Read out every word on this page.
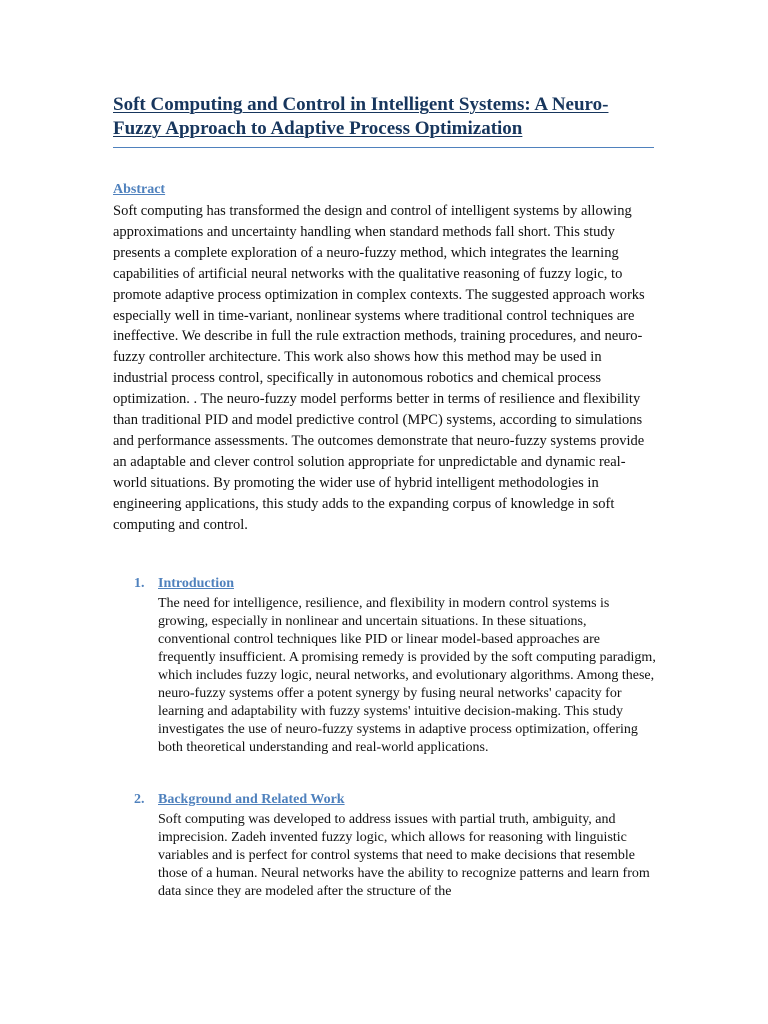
Soft Computing and Control in Intelligent Systems: A Neuro-Fuzzy Approach to Adaptive Process Optimization
Abstract

Soft computing has transformed the design and control of intelligent systems by allowing approximations and uncertainty handling when standard methods fall short. This study presents a complete exploration of a neuro-fuzzy method, which integrates the learning capabilities of artificial neural networks with the qualitative reasoning of fuzzy logic, to promote adaptive process optimization in complex contexts. The suggested approach works especially well in time-variant, nonlinear systems where traditional control techniques are ineffective. We describe in full the rule extraction methods, training procedures, and neuro-fuzzy controller architecture. This work also shows how this method may be used in industrial process control, specifically in autonomous robotics and chemical process optimization. . The neuro-fuzzy model performs better in terms of resilience and flexibility than traditional PID and model predictive control (MPC) systems, according to simulations and performance assessments. The outcomes demonstrate that neuro-fuzzy systems provide an adaptable and clever control solution appropriate for unpredictable and dynamic real-world situations. By promoting the wider use of hybrid intelligent methodologies in engineering applications, this study adds to the expanding corpus of knowledge in soft computing and control.

1. Introduction

The need for intelligence, resilience, and flexibility in modern control systems is growing, especially in nonlinear and uncertain situations. In these situations, conventional control techniques like PID or linear model-based approaches are frequently insufficient. A promising remedy is provided by the soft computing paradigm, which includes fuzzy logic, neural networks, and evolutionary algorithms. Among these, neuro-fuzzy systems offer a potent synergy by fusing neural networks' capacity for learning and adaptability with fuzzy systems' intuitive decision-making. This study investigates the use of neuro-fuzzy systems in adaptive process optimization, offering both theoretical understanding and real-world applications.

2. Background and Related Work

Soft computing was developed to address issues with partial truth, ambiguity, and imprecision. Zadeh invented fuzzy logic, which allows for reasoning with linguistic variables and is perfect for control systems that need to make decisions that resemble those of a human. Neural networks have the ability to recognize patterns and learn from data since they are modeled after the structure of the
